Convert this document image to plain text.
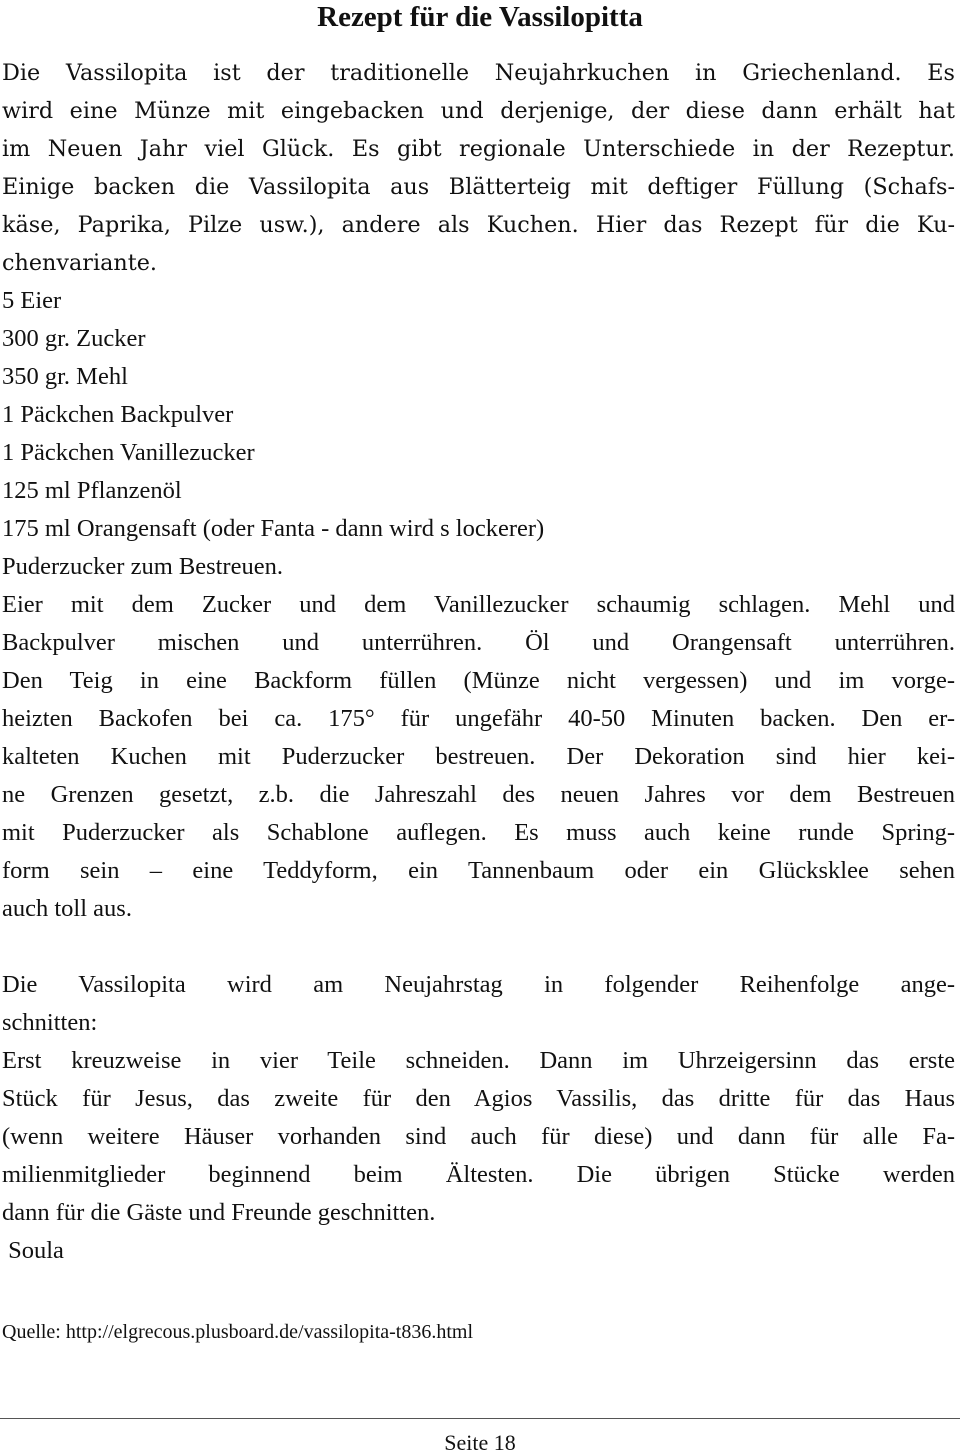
Rezept für die Vassilopitta
Die Vassilopita ist der traditionelle Neujahrkuchen in Griechenland. Es
wird eine Münze mit eingebacken und derjenige, der diese dann erhält hat
im Neuen Jahr viel Glück. Es gibt regionale Unterschiede in der Rezeptur.
Einige backen die Vassilopita aus Blätterteig mit deftiger Füllung (Schafs-
käse, Paprika, Pilze usw.), andere als Kuchen. Hier das Rezept für die Ku-
chenvariante.
5 Eier
300 gr. Zucker
350 gr. Mehl
1 Päckchen Backpulver
1 Päckchen Vanillezucker
125 ml Pflanzenöl
175 ml Orangensaft (oder Fanta - dann wird s lockerer)
Puderzucker zum Bestreuen.
Eier mit dem Zucker und dem Vanillezucker schaumig schlagen. Mehl und
Backpulver mischen und unterrühren. Öl und Orangensaft unterrühren.
Den Teig in eine Backform füllen (Münze nicht vergessen) und im vorge-
heizten Backofen bei ca. 175° für ungefähr 40-50 Minuten backen. Den er-
kalteten Kuchen mit Puderzucker bestreuen. Der Dekoration sind hier kei-
ne Grenzen gesetzt, z.b. die Jahreszahl des neuen Jahres vor dem Bestreuen
mit Puderzucker als Schablone auflegen. Es muss auch keine runde Spring-
form sein – eine Teddyform, ein Tannenbaum oder ein Glücksklee sehen
auch toll aus.
Die Vassilopita wird am Neujahrstag in folgender Reihenfolge ange-
schnitten:
Erst kreuzweise in vier Teile schneiden. Dann im Uhrzeigersinn das erste
Stück für Jesus, das zweite für den Agios Vassilis, das dritte für das Haus
(wenn weitere Häuser vorhanden sind auch für diese) und dann für alle Fa-
milienmitglieder beginnend beim Ältesten. Die übrigen Stücke werden
dann für die Gäste und Freunde geschnitten.
Soula
Quelle: http://elgrecous.plusboard.de/vassilopita-t836.html
Seite 18
